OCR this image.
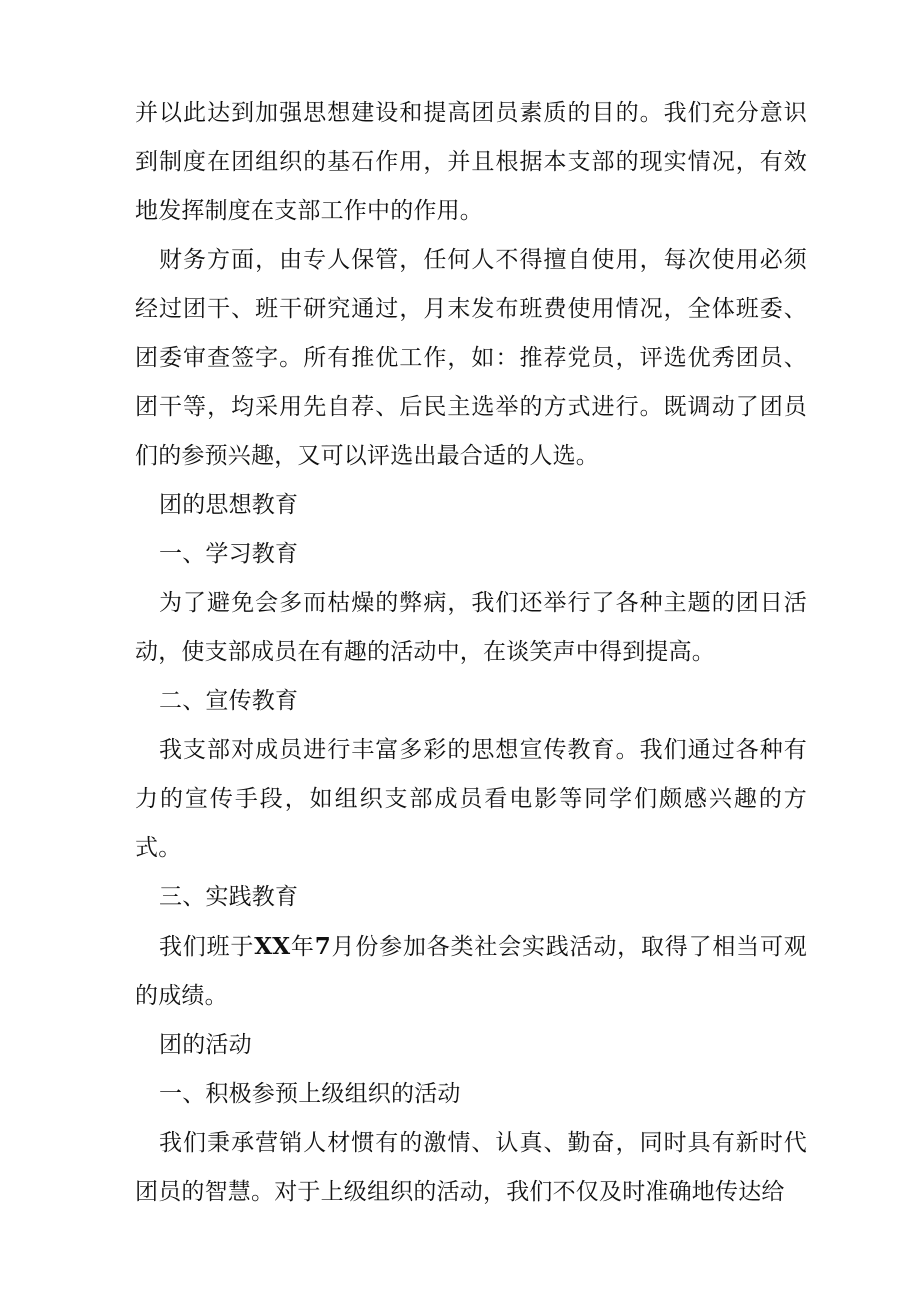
并以此达到加强思想建设和提高团员素质的目的。我们充分意识到制度在团组织的基石作用，并且根据本支部的现实情况，有效地发挥制度在支部工作中的作用。

财务方面，由专人保管，任何人不得擅自使用，每次使用必须经过团干、班干研究通过，月末发布班费使用情况，全体班委、团委审查签字。所有推优工作，如：推荐党员，评选优秀团员、团干等，均采用先自荐、后民主选举的方式进行。既调动了团员们的参预兴趣，又可以评选出最合适的人选。

团的思想教育

一、学习教育

为了避免会多而枯燥的弊病，我们还举行了各种主题的团日活动，使支部成员在有趣的活动中，在谈笑声中得到提高。

二、宣传教育

我支部对成员进行丰富多彩的思想宣传教育。我们通过各种有力的宣传手段，如组织支部成员看电影等同学们颇感兴趣的方式。

三、实践教育

我们班于XX年7月份参加各类社会实践活动，取得了相当可观的成绩。

团的活动

一、积极参预上级组织的活动

我们秉承营销人材惯有的激情、认真、勤奋，同时具有新时代团员的智慧。对于上级组织的活动，我们不仅及时准确地传达给
